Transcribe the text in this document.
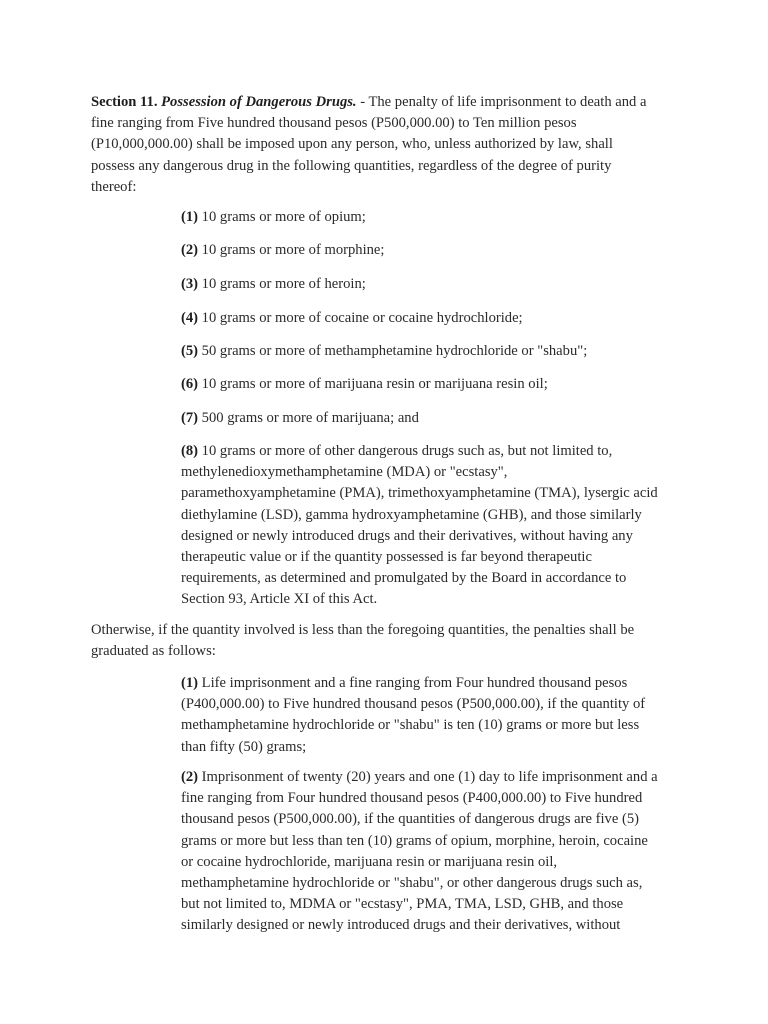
Section 11. Possession of Dangerous Drugs. - The penalty of life imprisonment to death and a
fine ranging from Five hundred thousand pesos (P500,000.00) to Ten million pesos
(P10,000,000.00) shall be imposed upon any person, who, unless authorized by law, shall
possess any dangerous drug in the following quantities, regardless of the degree of purity
thereof:

(1) 10 grams or more of opium;

(2) 10 grams or more of morphine;

(3) 10 grams or more of heroin;

(4) 10 grams or more of cocaine or cocaine hydrochloride;

(5) 50 grams or more of methamphetamine hydrochloride or "shabu";

(6) 10 grams or more of marijuana resin or marijuana resin oil;

(7) 500 grams or more of marijuana; and

(8) 10 grams or more of other dangerous drugs such as, but not limited to,
methylenedioxymethamphetamine (MDA) or "ecstasy",
paramethoxyamphetamine (PMA), trimethoxyamphetamine (TMA), lysergic acid
diethylamine (LSD), gamma hydroxyamphetamine (GHB), and those similarly
designed or newly introduced drugs and their derivatives, without having any
therapeutic value or if the quantity possessed is far beyond therapeutic
requirements, as determined and promulgated by the Board in accordance to
Section 93, Article XI of this Act.

Otherwise, if the quantity involved is less than the foregoing quantities, the penalties shall be
graduated as follows:

(1) Life imprisonment and a fine ranging from Four hundred thousand pesos
(P400,000.00) to Five hundred thousand pesos (P500,000.00), if the quantity of
methamphetamine hydrochloride or "shabu" is ten (10) grams or more but less
than fifty (50) grams;

(2) Imprisonment of twenty (20) years and one (1) day to life imprisonment and a
fine ranging from Four hundred thousand pesos (P400,000.00) to Five hundred
thousand pesos (P500,000.00), if the quantities of dangerous drugs are five (5)
grams or more but less than ten (10) grams of opium, morphine, heroin, cocaine
or cocaine hydrochloride, marijuana resin or marijuana resin oil,
methamphetamine hydrochloride or "shabu", or other dangerous drugs such as,
but not limited to, MDMA or "ecstasy", PMA, TMA, LSD, GHB, and those
similarly designed or newly introduced drugs and their derivatives, without
